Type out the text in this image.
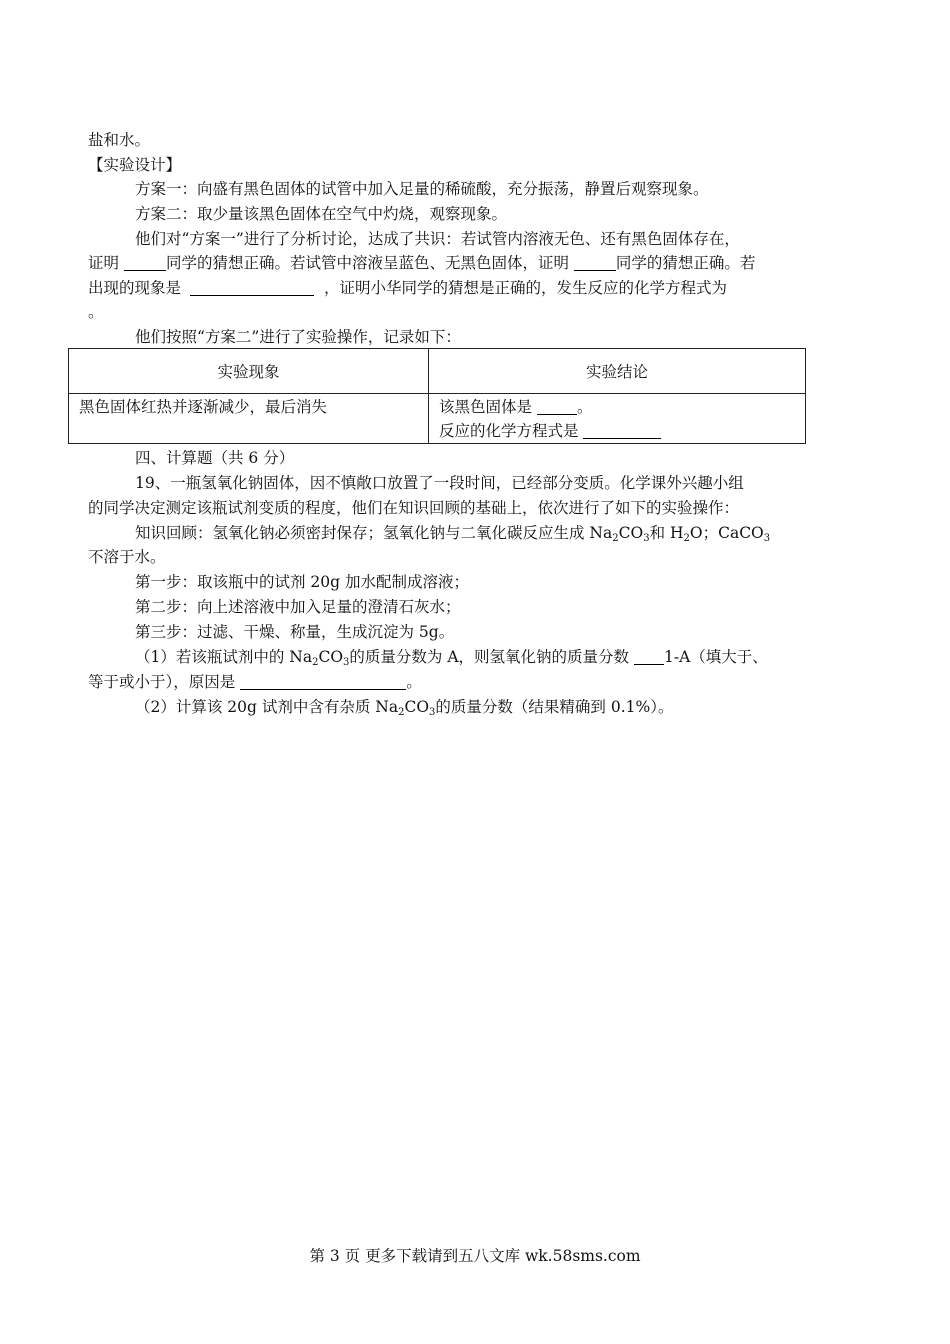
盐和水。
【实验设计】
方案一：向盛有黑色固体的试管中加入足量的稀硫酸，充分振荡，静置后观察现象。
方案二：取少量该黑色固体在空气中灼烧，观察现象。
他们对“方案一”进行了分析讨论，达成了共识：若试管内溶液无色、还有黑色固体存在，
证明	同学的猜想正确。若试管中溶液呈蓝色、无黑色固体，证明	同学的猜想正确。若
出现的现象是	，证明小华同学的猜想是正确的，发生反应的化学方程式为
。
他们按照“方案二”进行了实验操作，记录如下：
实验现象	实验结论
黑色固体红热并逐渐减少，最后消失	该黑色固体是 。
反应的化学方程式是
四、计算题（共 6 分）
19、一瓶氢氧化钠固体，因不慎敞口放置了一段时间，已经部分变质。化学课外兴趣小组
的同学决定测定该瓶试剂变质的程度，他们在知识回顾的基础上，依次进行了如下的实验操作：
知识回顾：氢氧化钠必须密封保存；氢氧化钠与二氧化碳反应生成 $Na_2CO_3$和 $H_2O$；CaCO$_3$
不溶于水。
第一步：取该瓶中的试剂 20g 加水配制成溶液；
第二步：向上述溶液中加入足量的澄清石灰水；
第三步：过滤、干燥、称量，生成沉淀为 5g。
（1）若该瓶试剂中的 $Na_2CO_3$的质量分数为 A，则氢氧化钠的质量分数 1-A（填大于、
等于或小于），原因是	。
（2）计算该 20g 试剂中含有杂质 $Na_2CO_3$的质量分数（结果精确到 0.1%）。
第 3 页 更多下载请到五八文库 wk.58sms.com
